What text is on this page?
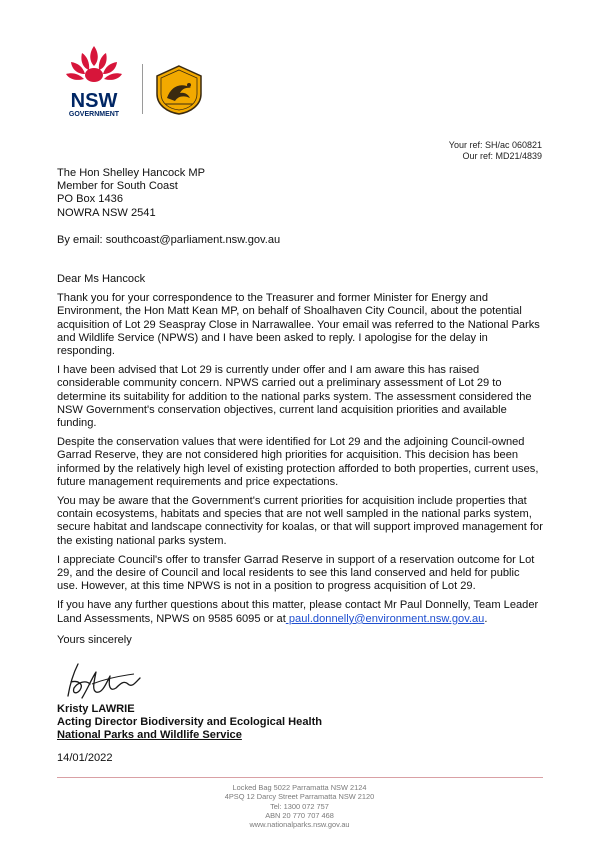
NSW
GOVERNMENT
Your ref: SH/ac 060821
Our ref: MD21/4839

The Hon Shelley Hancock MP

Member for South Coast

PO Box 1436

NOWRA NSW 2541

By email: southcoast@parliament.nsw.gov.au

Dear Ms Hancock

Thank you for your correspondence to the Treasurer and former Minister for Energy and Environment, the Hon Matt Kean MP, on behalf of Shoalhaven City Council, about the potential acquisition of Lot 29 Seaspray Close in Narrawallee. Your email was referred to the National Parks and Wildlife Service (NPWS) and I have been asked to reply. I apologise for the delay in responding.

I have been advised that Lot 29 is currently under offer and I am aware this has raised considerable community concern. NPWS carried out a preliminary assessment of Lot 29 to determine its suitability for addition to the national parks system. The assessment considered the NSW Government's conservation objectives, current land acquisition priorities and available funding.

Despite the conservation values that were identified for Lot 29 and the adjoining Council-owned Garrad Reserve, they are not considered high priorities for acquisition. This decision has been informed by the relatively high level of existing protection afforded to both properties, current uses, future management requirements and price expectations.

You may be aware that the Government's current priorities for acquisition include properties that contain ecosystems, habitats and species that are not well sampled in the national parks system, secure habitat and landscape connectivity for koalas, or that will support improved management for the existing national parks system.

I appreciate Council's offer to transfer Garrad Reserve in support of a reservation outcome for Lot 29, and the desire of Council and local residents to see this land conserved and held for public use. However, at this time NPWS is not in a position to progress acquisition of Lot 29.

If you have any further questions about this matter, please contact Mr Paul Donnelly, Team Leader Land Assessments, NPWS on 9585 6095 or at paul.donnelly@environment.nsw.gov.au.

Yours sincerely

Kristy LAWRIE

Acting Director Biodiversity and Ecological Health

National Parks and Wildlife Service

14/01/2022

Locked Bag 5022 Parramatta NSW 2124

4PSQ 12 Darcy Street Parramatta NSW 2120

Tel: 1300 072 757

ABN 20 770 707 468

www.nationalparks.nsw.gov.au
